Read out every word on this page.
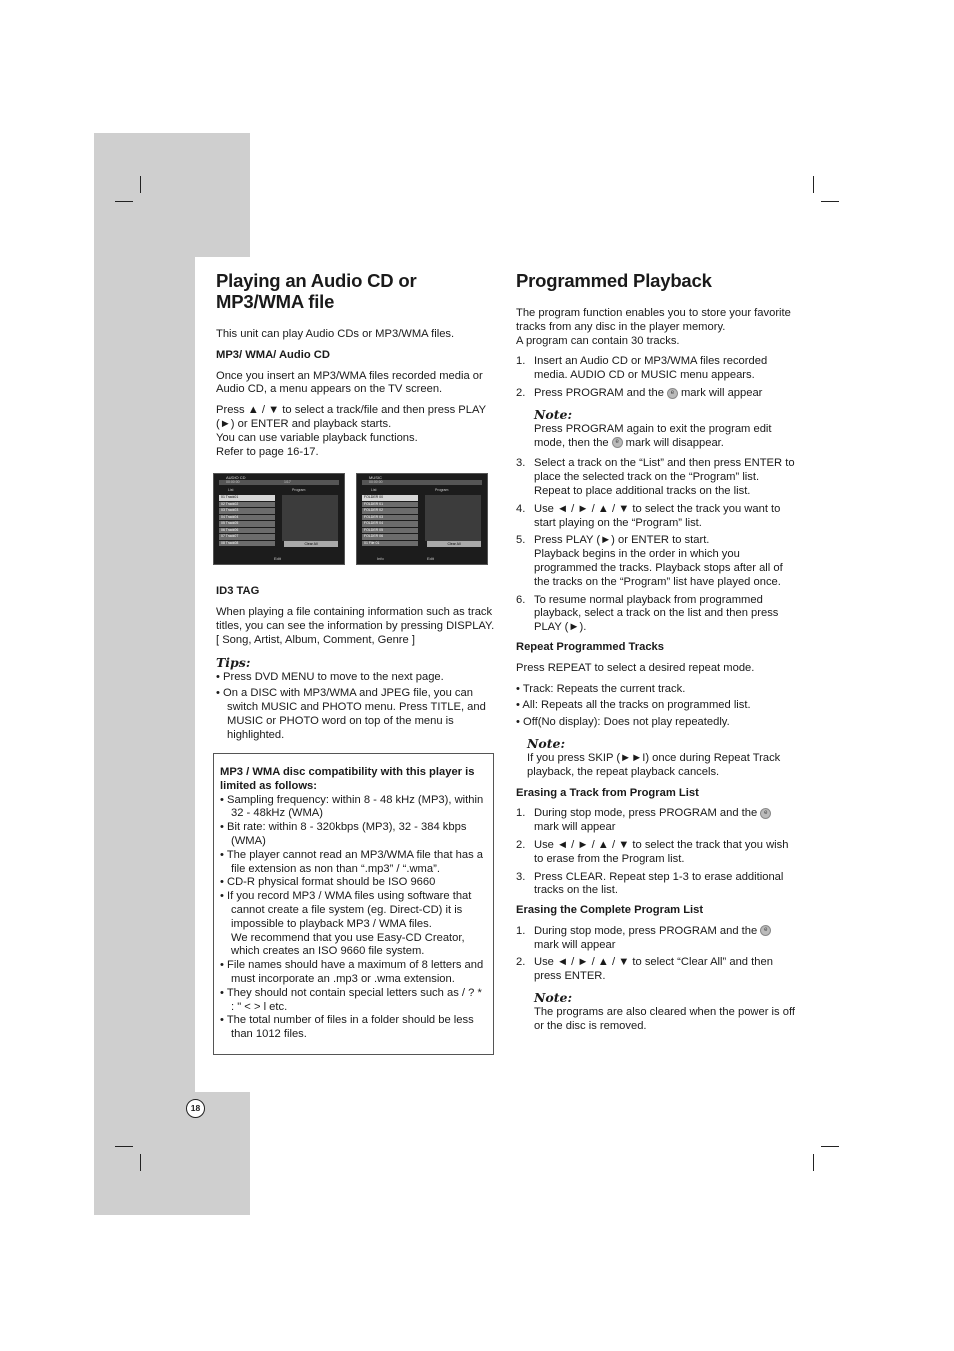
Playing an Audio CD or MP3/WMA file

This unit can play Audio CDs or MP3/WMA files.

MP3/ WMA/ Audio CD

Once you insert an MP3/WMA files recorded media or Audio CD, a menu appears on the TV screen.

Press ▲ / ▼ to select a track/file and then press PLAY (►) or ENTER and playback starts.
You can use variable playback functions.
Refer to page 16-17.

AUDIO CD
00:00:00	1/17
List	Program
01 Track01
02 Track02
03 Track03
04 Track04
05 Track05
06 Track06
07 Track07
08 Track08	Clear All
Edit
MUSIC
00:00:00
List	Program
FOLDER 00
FOLDER 01
FOLDER 02
FOLDER 03
FOLDER 04
FOLDER 05
FOLDER 06
01 File 01	Clear All
Info	Edit
ID3 TAG

When playing a file containing information such as track titles, you can see the information by pressing DISPLAY. [ Song, Artist, Album, Comment, Genre ]

Tips:
• Press DVD MENU to move to the next page.
• On a DISC with MP3/WMA and JPEG file, you can switch MUSIC and PHOTO menu. Press TITLE, and MUSIC or PHOTO word on top of the menu is highlighted.

MP3 / WMA disc compatibility with this player is limited as follows:

• Sampling frequency: within 8 - 48 kHz (MP3), within 32 - 48kHz (WMA)
• Bit rate: within 8 - 320kbps (MP3), 32 - 384 kbps (WMA)
• The player cannot read an MP3/WMA file that has a file extension as non than “.mp3” / “.wma”.
• CD-R physical format should be ISO 9660
• If you record MP3 / WMA files using software that cannot create a file system (eg. Direct-CD) it is impossible to playback MP3 / WMA files.
We recommend that you use Easy-CD Creator, which creates an ISO 9660 file system.
• File names should have a maximum of 8 letters and must incorporate an .mp3 or .wma extension.
• They should not contain special letters such as / ? * : " < > l etc.
• The total number of files in a folder should be less than 1012 files.
Programmed Playback

The program function enables you to store your favorite tracks from any disc in the player memory.
A program can contain 30 tracks.

1. Insert an Audio CD or MP3/WMA files recorded media. AUDIO CD or MUSIC menu appears.
2. Press PROGRAM and the e mark will appear
Note:

Press PROGRAM again to exit the program edit mode, then the e mark will disappear.

3. Select a track on the “List” and then press ENTER to place the selected track on the “Program” list. Repeat to place additional tracks on the list.
4. Use ◄ / ► / ▲ / ▼ to select the track you want to start playing on the “Program” list.
5. Press PLAY (►) or ENTER to start.
Playback begins in the order in which you programmed the tracks. Playback stops after all of the tracks on the “Program” list have played once.
6. To resume normal playback from programmed playback, select a track on the list and then press PLAY (►).
Repeat Programmed Tracks

Press REPEAT to select a desired repeat mode.

• Track: Repeats the current track.
• All: Repeats all the tracks on programmed list.
• Off(No display): Does not play repeatedly.
Note:

If you press SKIP (►►I) once during Repeat Track playback, the repeat playback cancels.

Erasing a Track from Program List
1. During stop mode, press PROGRAM and the e
mark will appear
2. Use ◄ / ► / ▲ / ▼ to select the track that you wish to erase from the Program list.
3. Press CLEAR. Repeat step 1-3 to erase additional tracks on the list.
Erasing the Complete Program List
1. During stop mode, press PROGRAM and the e
mark will appear
2. Use ◄ / ► / ▲ / ▼ to select “Clear All” and then press ENTER.
Note:

The programs are also cleared when the power is off or the disc is removed.

18
